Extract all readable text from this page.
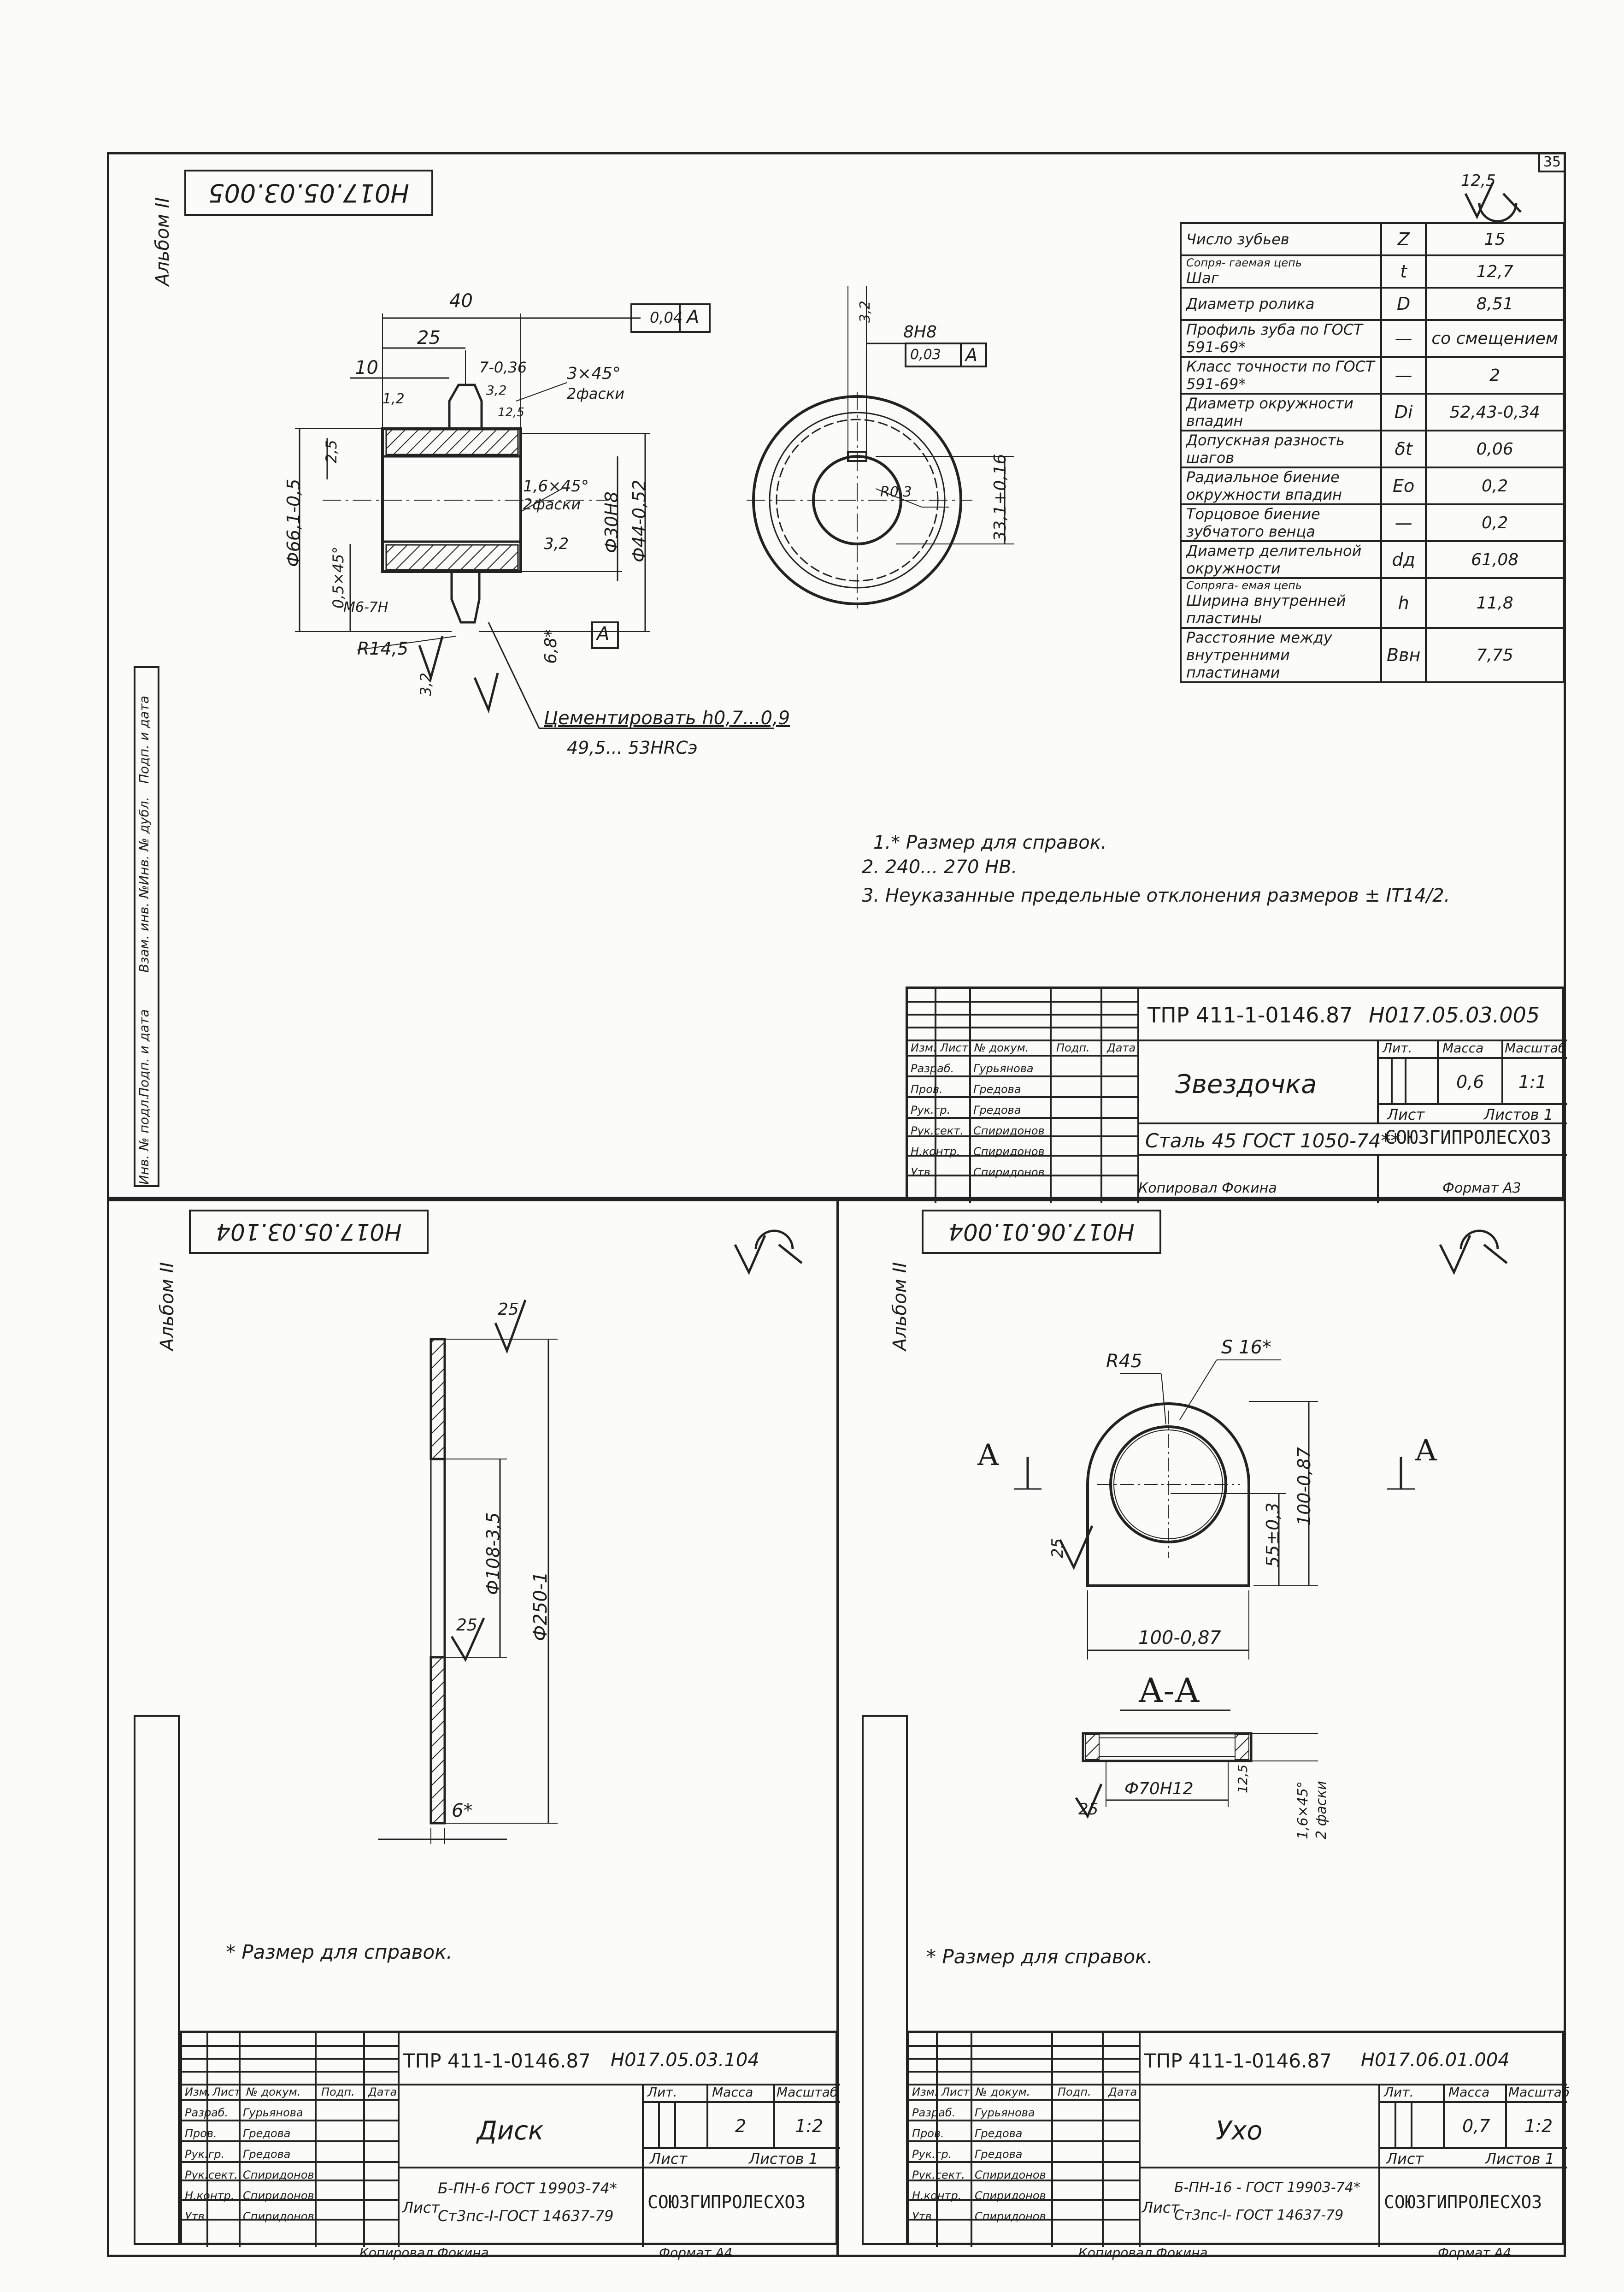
35
Н017.05.03.005
Альбом II
12,5
40
25
10	7-0,36
1,2
0,04 А
3×45°
2фаски
3,2
12,5
2,5
Ф66,1-0,5	1,6×45°
2фаски Ф30H8 Ф44-0,52
3,2
0,5×45°
М6-7Н
R14,5
3,2
6,8* А
Цементировать h0,7...0,9
49,5... 53HRCэ
8Н8
0,03 А
3,2
R0,3	33,1+0,16
Число зубьев	Z	15

Сопря- гаемая цепь
Шаг	t	12,7
Диаметр ролика	D	8,51
Профиль зуба по ГОСТ 591-69*	—	со смещением
Класс точности по ГОСТ 591-69*	—	2
Диаметр окружности впадин	Di	52,43-0,34
Допускная разность шагов	δt	0,06
Радиальное биение окружности впадин	Eo	0,2
Торцовое биение зубчатого венца	—	0,2
Диаметр делительной окружности	dд	61,08

Сопряга- емая цепь
Ширина внутренней пластины	h	11,8
Расстояние между внутренними пластинами	Bвн	7,75
1.* Размер для справок.
2. 240... 270 НВ.
3. Неуказанные предельные отклонения размеров ± IT14/2.
Инв. № подл.
Подп. и дата
Взам. инв. №
Инв. № дубл.
Подп. и дата
ТПР 411-1-0146.87 Н017.05.03.005
Звездочка
Лит. Масса Масштаб
0,6 1:1
Лист	Листов 1
Сталь 45 ГОСТ 1050-74**
СОЮЗГИПРОЛЕСХОЗ
Изм. Лист № докум. Подп. Дата
Разраб. Гурьянова
Пров.	Гредова
Рук.гр. Гредова
Рук.сект. Спиридонов
Н.контр. Спиридонов
Утв.	Спиридонов
Копировал Фокина	Формат А3
Н017.05.03.104
Альбом II	25
25
Ф108-3,5
Ф250-1
6*
* Размер для справок.
ТПР 411-1-0146.87 Н017.05.03.104
Диск
Лит.	Масса Масштаб
2	1:2
Лист	Листов 1
Лист
Б-ПН-6 ГОСТ 19903-74*
Ст3пс-I-ГОСТ 14637-79
СОЮЗГИПРОЛЕСХОЗ
Изм. Лист № докум. Подп. Дата
Разраб. Гурьянова
Пров. Гредова
Рук.гр. Гредова
Рук.сект. Спиридонов
Н.контр. Спиридонов
Утв.	Спиридонов
Копировал Фокина	Формат А4
Н017.06.01.004
Альбом II
R45
S 16*
А	А
100-0,87
55±0,3
25
100-0,87
А-А
Ф70Н12
25
12,5
1,6×45° 2 фаски
* Размер для справок.
ТПР 411-1-0146.87 Н017.06.01.004
Ухо
Лит.	Масса Масштаб
0,7 1:2
Лист	Листов 1
Лист
Б-ПН-16 - ГОСТ 19903-74*
Ст3пс-I- ГОСТ 14637-79
СОЮЗГИПРОЛЕСХОЗ
Изм. Лист № докум. Подп. Дата
Разраб. Гурьянова
Пров.	Гредова
Рук.гр. Гредова
Рук.сект. Спиридонов
Н.контр. Спиридонов
Утв.	Спиридонов
Копировал Фокина	Формат А4
